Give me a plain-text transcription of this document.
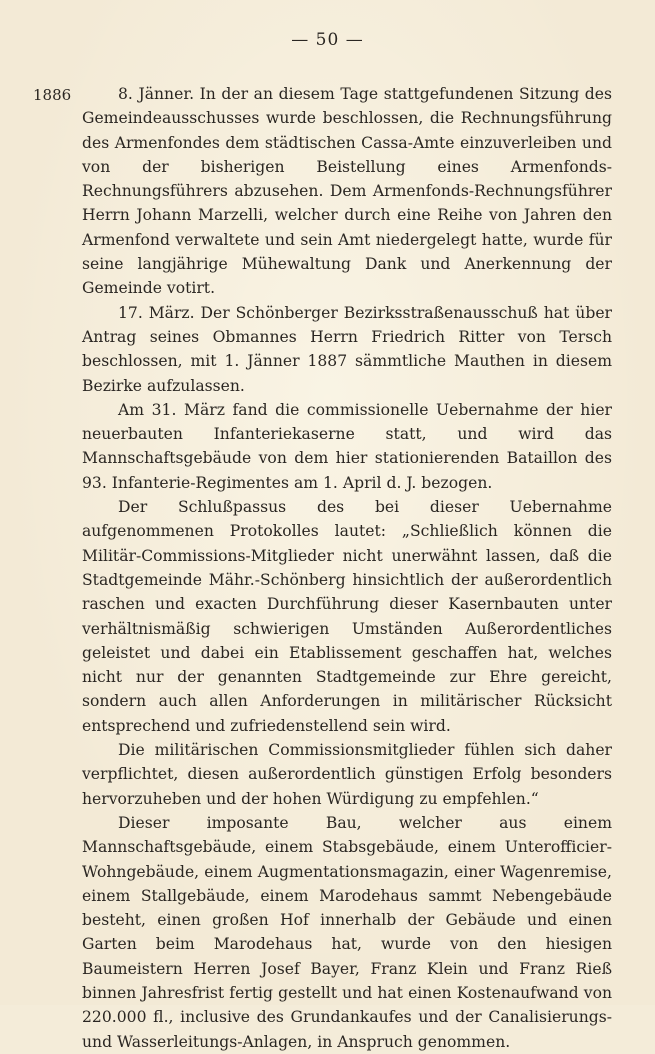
— 50 —
1886	8. Jänner. In der an diesem Tage stattgefundenen Sitzung des Gemeindeausschusses wurde beschlossen, die Rechnungsführung des Armenfondes dem städtischen Cassa-Amte einzuverleiben und von der bisherigen Beistellung eines Armenfonds-Rechnungsführers abzusehen. Dem Armenfonds-Rechnungsführer Herrn Johann Marzelli, welcher durch eine Reihe von Jahren den Armenfond verwaltete und sein Amt niedergelegt hatte, wurde für seine langjährige Mühewaltung Dank und Anerkennung der Gemeinde votirt.

17. März. Der Schönberger Bezirksstraßenausschuß hat über Antrag seines Obmannes Herrn Friedrich Ritter von Tersch beschlossen, mit 1. Jänner 1887 sämmtliche Mauthen in diesem Bezirke aufzulassen.

Am 31. März fand die commissionelle Uebernahme der hier neuerbauten Infanteriekaserne statt, und wird das Mannschaftsgebäude von dem hier stationierenden Bataillon des 93. Infanterie-Regimentes am 1. April d. J. bezogen.

Der Schlußpassus des bei dieser Uebernahme aufgenommenen Protokolles lautet: „Schließlich können die Militär-Commissions-Mitglieder nicht unerwähnt lassen, daß die Stadtgemeinde Mähr.-Schönberg hinsichtlich der außerordentlich raschen und exacten Durchführung dieser Kasernbauten unter verhältnismäßig schwierigen Umständen Außerordentliches geleistet und dabei ein Etablissement geschaffen hat, welches nicht nur der genannten Stadtgemeinde zur Ehre gereicht, sondern auch allen Anforderungen in militärischer Rücksicht entsprechend und zufriedenstellend sein wird.

Die militärischen Commissionsmitglieder fühlen sich daher verpflichtet, diesen außerordentlich günstigen Erfolg besonders hervorzuheben und der hohen Würdigung zu empfehlen.“

Dieser imposante Bau, welcher aus einem Mannschaftsgebäude, einem Stabsgebäude, einem Unterofficier-Wohngebäude, einem Augmentationsmagazin, einer Wagenremise, einem Stallgebäude, einem Marodehaus sammt Nebengebäude besteht, einen großen Hof innerhalb der Gebäude und einen Garten beim Marodehaus hat, wurde von den hiesigen Baumeistern Herren Josef Bayer, Franz Klein und Franz Rieß binnen Jahresfrist fertig gestellt und hat einen Kostenaufwand von 220.000 fl., inclusive des Grundankaufes und der Canalisierungs- und Wasserleitungs-Anlagen, in Anspruch genommen.
